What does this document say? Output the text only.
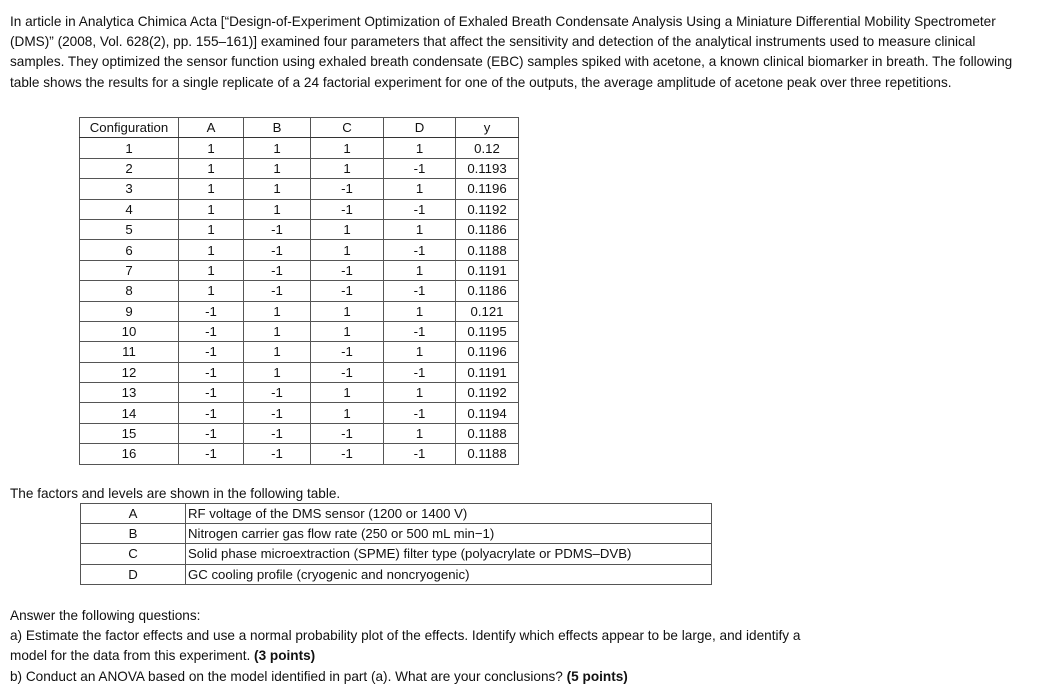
In article in Analytica Chimica Acta [“Design-of-Experiment Optimization of Exhaled Breath Condensate Analysis Using a Miniature Differential Mobility Spectrometer
(DMS)” (2008, Vol. 628(2), pp. 155–161)] examined four parameters that affect the sensitivity and detection of the analytical instruments used to measure clinical
samples. They optimized the sensor function using exhaled breath condensate (EBC) samples spiked with acetone, a known clinical biomarker in breath. The following
table shows the results for a single replicate of a 24 factorial experiment for one of the outputs, the average amplitude of acetone peak over three repetitions.
Configuration	A	B	C	D	y
1	1	1	1	1	0.12
2	1	1	1	-1	0.1193
3	1	1	-1	1	0.1196
4	1	1	-1	-1	0.1192
5	1	-1	1	1	0.1186
6	1	-1	1	-1	0.1188
7	1	-1	-1	1	0.1191
8	1	-1	-1	-1	0.1186
9	-1	1	1	1	0.121
10	-1	1	1	-1	0.1195
11	-1	1	-1	1	0.1196
12	-1	1	-1	-1	0.1191
13	-1	-1	1	1	0.1192
14	-1	-1	1	-1	0.1194
15	-1	-1	-1	1	0.1188
16	-1	-1	-1	-1	0.1188
The factors and levels are shown in the following table.
A	RF voltage of the DMS sensor (1200 or 1400 V)
B	Nitrogen carrier gas flow rate (250 or 500 mL min−1)
C	Solid phase microextraction (SPME) filter type (polyacrylate or PDMS–DVB)
D	GC cooling profile (cryogenic and noncryogenic)
Answer the following questions:
a) Estimate the factor effects and use a normal probability plot of the effects. Identify which effects appear to be large, and identify a
model for the data from this experiment. (3 points)
b) Conduct an ANOVA based on the model identified in part (a). What are your conclusions? (5 points)
